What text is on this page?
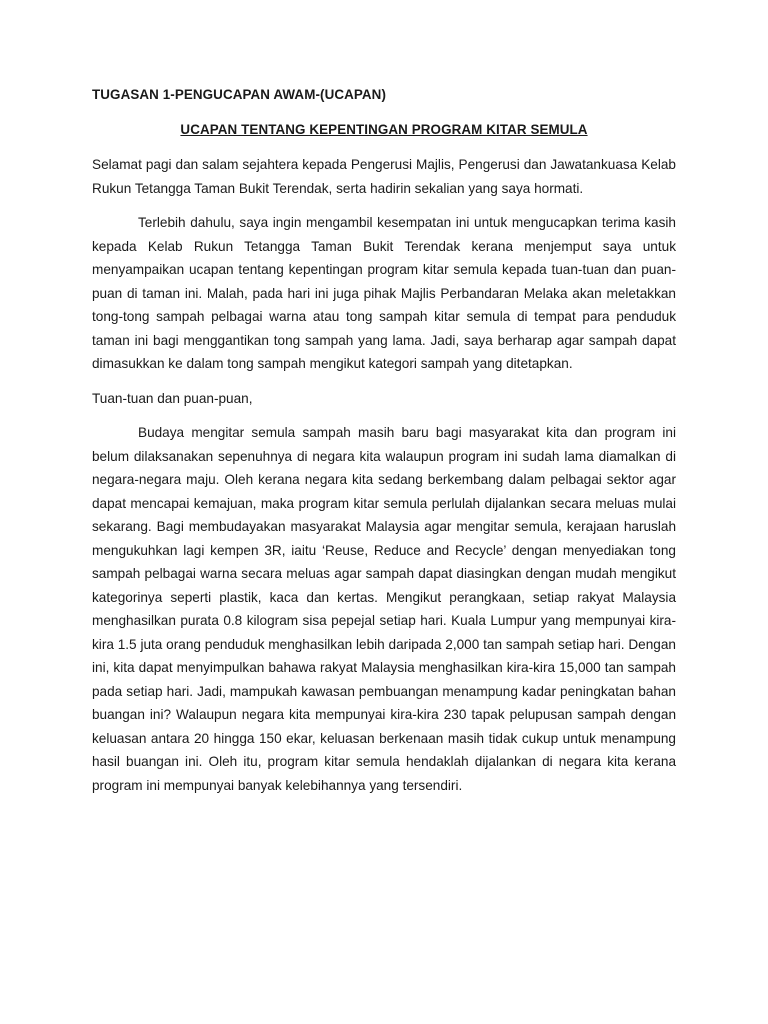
TUGASAN 1-PENGUCAPAN AWAM-(UCAPAN)

UCAPAN TENTANG KEPENTINGAN PROGRAM KITAR SEMULA

Selamat pagi dan salam sejahtera kepada Pengerusi Majlis, Pengerusi dan Jawatankuasa Kelab Rukun Tetangga Taman Bukit Terendak, serta hadirin sekalian yang saya hormati.

Terlebih dahulu, saya ingin mengambil kesempatan ini untuk mengucapkan terima kasih kepada Kelab Rukun Tetangga Taman Bukit Terendak kerana menjemput saya untuk menyampaikan ucapan tentang kepentingan program kitar semula kepada tuan-tuan dan puan-puan di taman ini. Malah, pada hari ini juga pihak Majlis Perbandaran Melaka akan meletakkan tong-tong sampah pelbagai warna atau tong sampah kitar semula di tempat para penduduk taman ini bagi menggantikan tong sampah yang lama. Jadi, saya berharap agar sampah dapat dimasukkan ke dalam tong sampah mengikut kategori sampah yang ditetapkan.

Tuan-tuan dan puan-puan,

Budaya mengitar semula sampah masih baru bagi masyarakat kita dan program ini belum dilaksanakan sepenuhnya di negara kita walaupun program ini sudah lama diamalkan di negara-negara maju. Oleh kerana negara kita sedang berkembang dalam pelbagai sektor agar dapat mencapai kemajuan, maka program kitar semula perlulah dijalankan secara meluas mulai sekarang. Bagi membudayakan masyarakat Malaysia agar mengitar semula, kerajaan haruslah mengukuhkan lagi kempen 3R, iaitu ‘Reuse, Reduce and Recycle’ dengan menyediakan tong sampah pelbagai warna secara meluas agar sampah dapat diasingkan dengan mudah mengikut kategorinya seperti plastik, kaca dan kertas. Mengikut perangkaan, setiap rakyat Malaysia menghasilkan purata 0.8 kilogram sisa pepejal setiap hari. Kuala Lumpur yang mempunyai kira-kira 1.5 juta orang penduduk menghasilkan lebih daripada 2,000 tan sampah setiap hari. Dengan ini, kita dapat menyimpulkan bahawa rakyat Malaysia menghasilkan kira-kira 15,000 tan sampah pada setiap hari. Jadi, mampukah kawasan pembuangan menampung kadar peningkatan bahan buangan ini? Walaupun negara kita mempunyai kira-kira 230 tapak pelupusan sampah dengan keluasan antara 20 hingga 150 ekar, keluasan berkenaan masih tidak cukup untuk menampung hasil buangan ini. Oleh itu, program kitar semula hendaklah dijalankan di negara kita kerana program ini mempunyai banyak kelebihannya yang tersendiri.
